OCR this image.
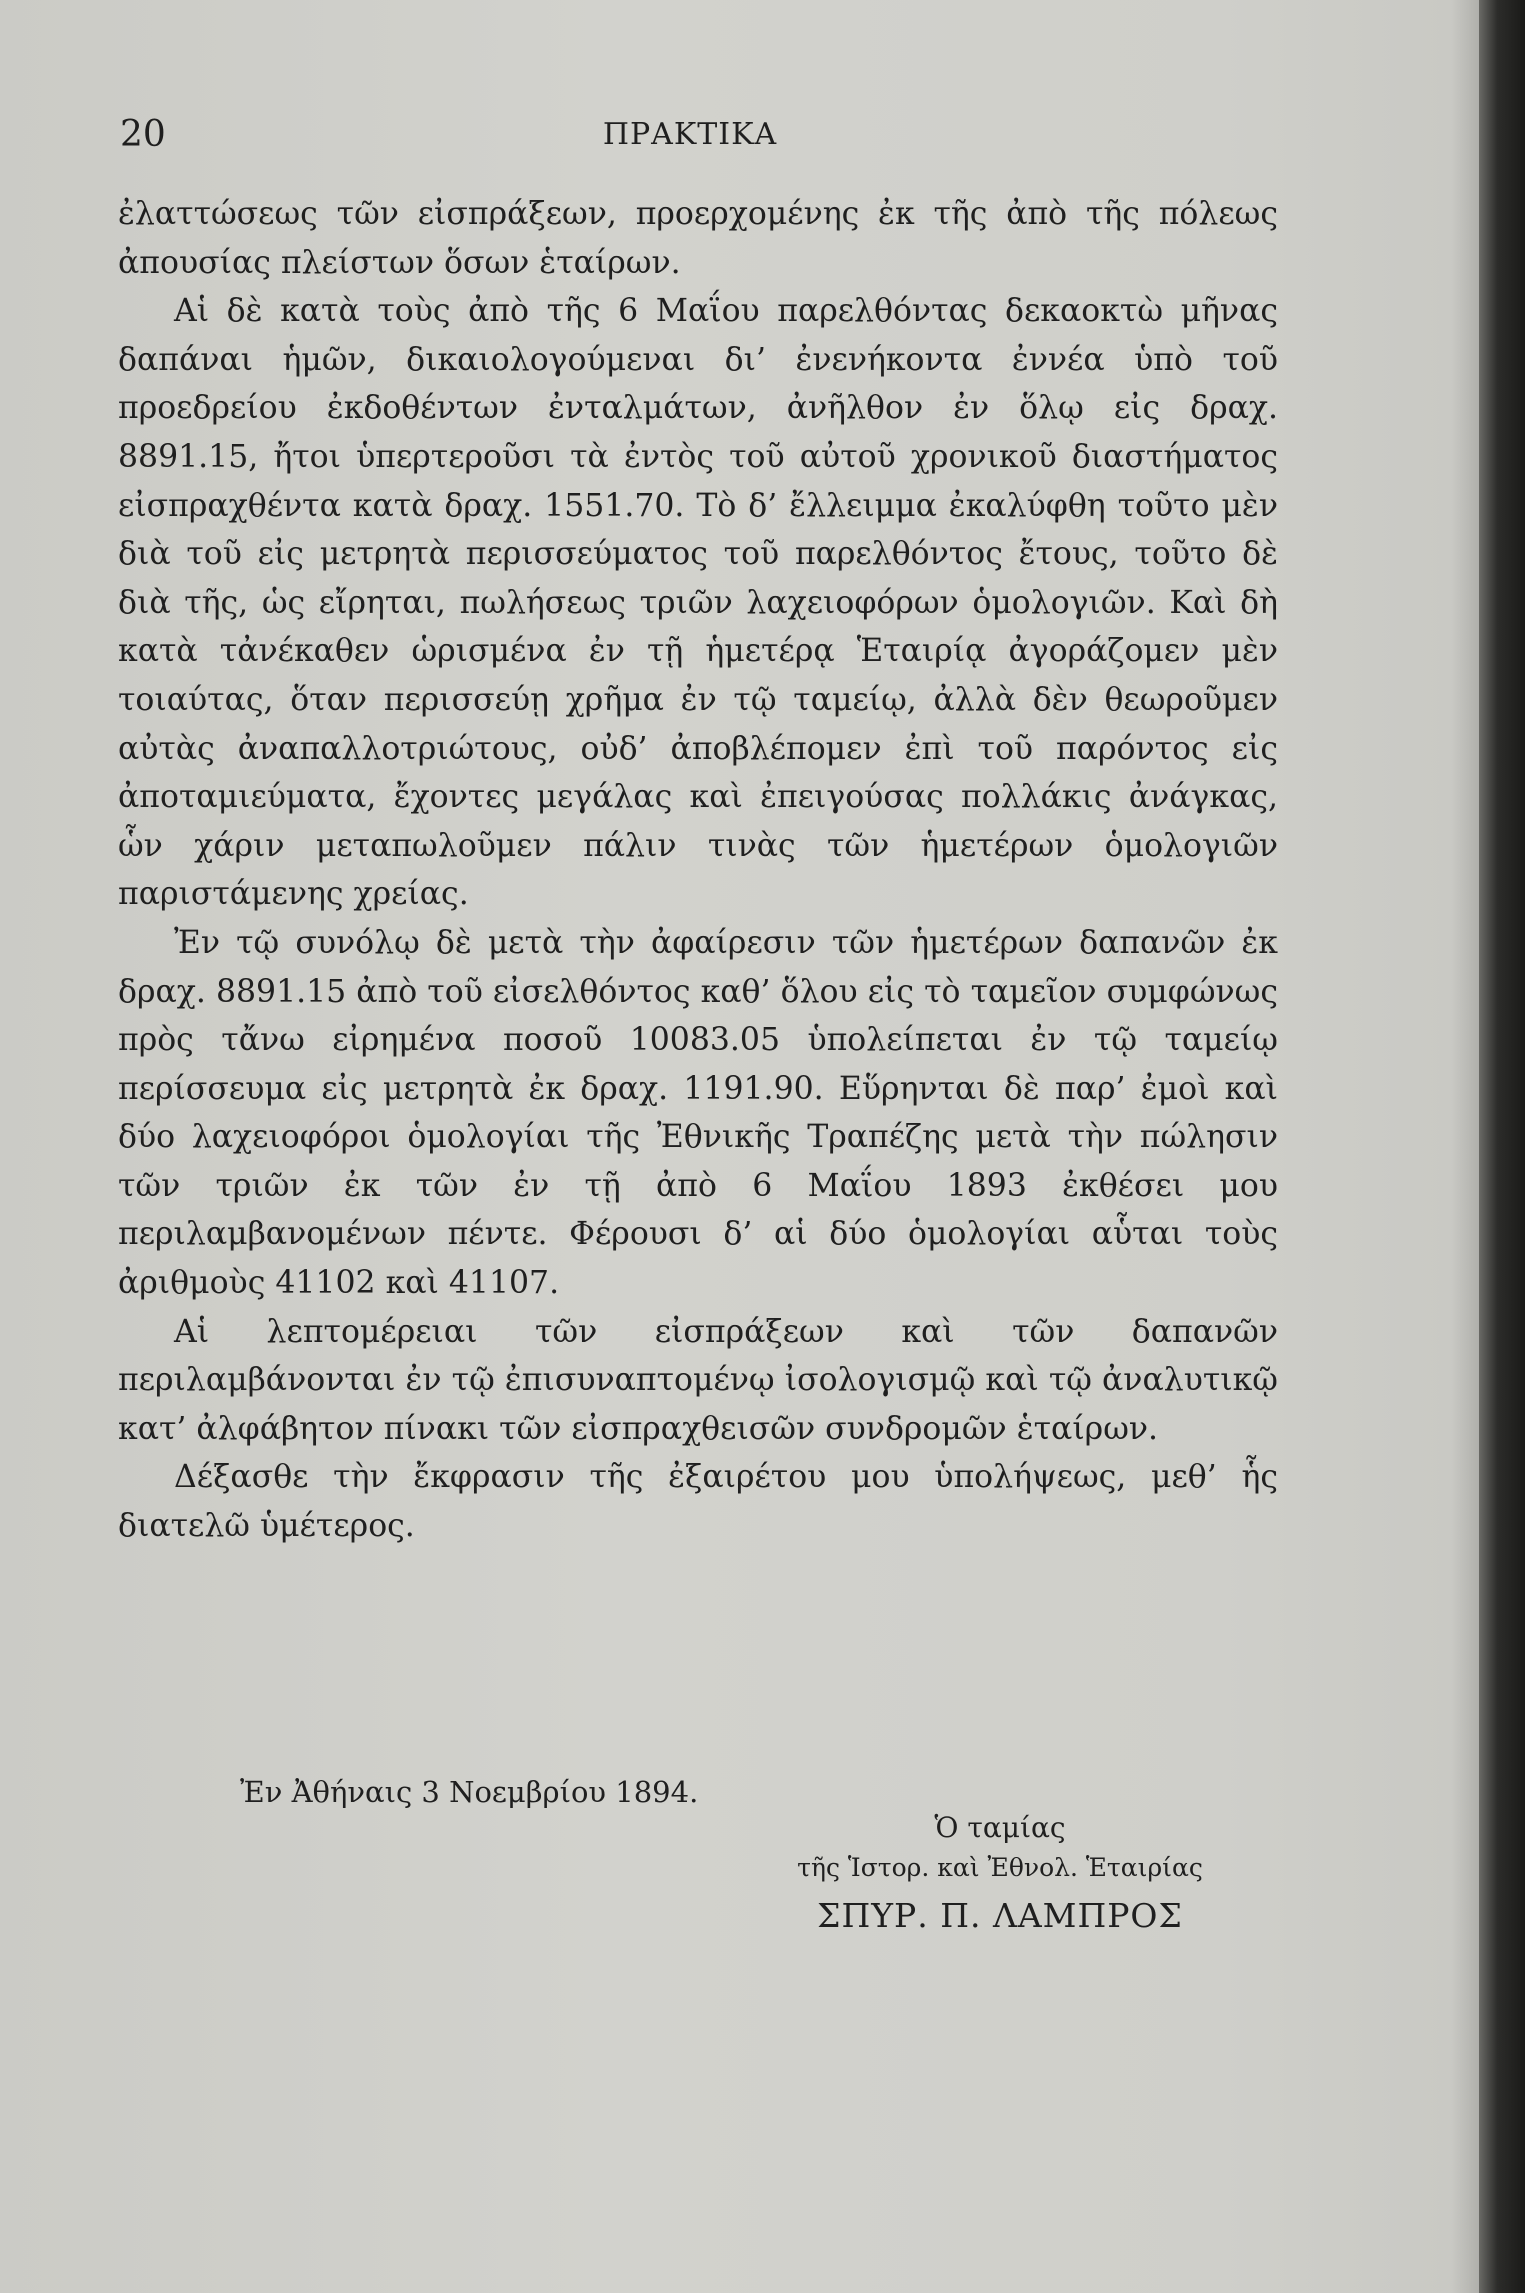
20	ΠΡΑΚΤΙΚΑ

ἐλαττώσεως τῶν εἰσπράξεων, προερχομένης ἐκ τῆς ἀπὸ τῆς πόλεως ἀπουσίας πλείστων ὅσων ἑταίρων.

Αἱ δὲ κατὰ τοὺς ἀπὸ τῆς 6 Μαΐου παρελθόντας δεκαοκτὼ μῆνας δαπάναι ἡμῶν, δικαιολογούμεναι δι’ ἐνενήκοντα ἐννέα ὑπὸ τοῦ προεδρείου ἐκδοθέντων ἐνταλμάτων, ἀνῆλθον ἐν ὅλῳ εἰς δραχ. 8891.15, ἤτοι ὑπερτεροῦσι τὰ ἐντὸς τοῦ αὐτοῦ χρονικοῦ διαστήματος εἰσπραχθέντα κατὰ δραχ. 1551.70. Τὸ δ’ ἔλλειμμα ἐκαλύφθη τοῦτο μὲν διὰ τοῦ εἰς μετρητὰ περισσεύματος τοῦ παρελθόντος ἔτους, τοῦτο δὲ διὰ τῆς, ὡς εἴρηται, πωλήσεως τριῶν λαχειοφόρων ὁμολογιῶν. Καὶ δὴ κατὰ τἀνέκαθεν ὡρισμένα ἐν τῇ ἡμετέρᾳ Ἑταιρίᾳ ἀγοράζομεν μὲν τοιαύτας, ὅταν περισσεύῃ χρῆμα ἐν τῷ ταμείῳ, ἀλλὰ δὲν θεωροῦμεν αὐτὰς ἀναπαλλοτριώτους, οὐδ’ ἀποβλέπομεν ἐπὶ τοῦ παρόντος εἰς ἀποταμιεύματα, ἔχοντες μεγάλας καὶ ἐπειγούσας πολλάκις ἀνάγκας, ὧν χάριν μεταπωλοῦμεν πάλιν τινὰς τῶν ἡμετέρων ὁμολογιῶν παριστάμενης χρείας.

Ἐν τῷ συνόλῳ δὲ μετὰ τὴν ἀφαίρεσιν τῶν ἡμετέρων δαπανῶν ἐκ δραχ. 8891.15 ἀπὸ τοῦ εἰσελθόντος καθ’ ὅλου εἰς τὸ ταμεῖον συμφώνως πρὸς τἄνω εἰρημένα ποσοῦ 10083.05 ὑπολείπεται ἐν τῷ ταμείῳ περίσσευμα εἰς μετρητὰ ἐκ δραχ. 1191.90. Εὕρηνται δὲ παρ’ ἐμοὶ καὶ δύο λαχειοφόροι ὁμολογίαι τῆς Ἐθνικῆς Τραπέζης μετὰ τὴν πώλησιν τῶν τριῶν ἐκ τῶν ἐν τῇ ἀπὸ 6 Μαΐου 1893 ἐκθέσει μου περιλαμβανομένων πέντε. Φέρουσι δ’ αἱ δύο ὁμολογίαι αὗται τοὺς ἀριθμοὺς 41102 καὶ 41107.

Αἱ λεπτομέρειαι τῶν εἰσπράξεων καὶ τῶν δαπανῶν περιλαμβάνονται ἐν τῷ ἐπισυναπτομένῳ ἰσολογισμῷ καὶ τῷ ἀναλυτικῷ κατ’ ἀλφάβητον πίνακι τῶν εἰσπραχθεισῶν συνδρομῶν ἑταίρων.

Δέξασθε τὴν ἔκφρασιν τῆς ἐξαιρέτου μου ὑπολήψεως, μεθ’ ἧς διατελῶ ὑμέτερος.

Ἐν Ἀθήναις 3 Νοεμβρίου 1894.
Ὁ ταμίας
τῆς Ἱστορ. καὶ Ἐθνολ. Ἑταιρίας
ΣΠΥΡ. Π. ΛΑΜΠΡΟΣ
